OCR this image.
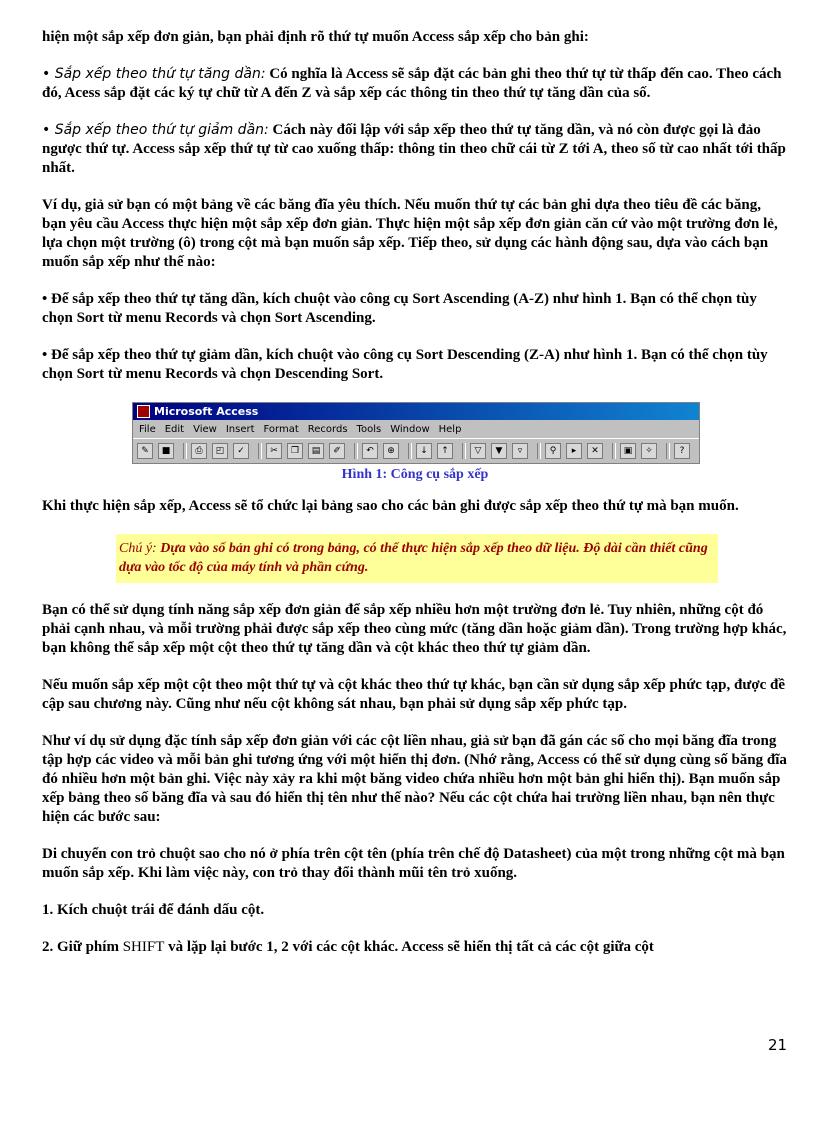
hiện một sắp xếp đơn giản, bạn phải định rõ thứ tự muốn Access sắp xếp cho bản ghi:

• Sắp xếp theo thứ tự tăng dần: Có nghĩa là Access sẽ sắp đặt các bản ghi theo thứ tự từ thấp đến cao. Theo cách đó, Acess sắp đặt các ký tự chữ từ A đến Z và sắp xếp các thông tin theo thứ tự tăng dần của số.

• Sắp xếp theo thứ tự giảm dần: Cách này đối lập với sắp xếp theo thứ tự tăng dần, và nó còn được gọi là đảo ngược thứ tự. Access sắp xếp thứ tự từ cao xuống thấp: thông tin theo chữ cái từ Z tới A, theo số từ cao nhất tới thấp nhất.

Ví dụ, giả sử bạn có một bảng về các băng đĩa yêu thích. Nếu muốn thứ tự các bản ghi dựa theo tiêu đề các băng, bạn yêu cầu Access thực hiện một sắp xếp đơn giản. Thực hiện một sắp xếp đơn giản căn cứ vào một trường đơn lẻ, lựa chọn một trường (ô) trong cột mà bạn muốn sắp xếp. Tiếp theo, sử dụng các hành động sau, dựa vào cách bạn muốn sắp xếp như thế nào:

• Để sắp xếp theo thứ tự tăng dần, kích chuột vào công cụ Sort Ascending (A-Z) như hình 1. Bạn có thể chọn tùy chọn Sort từ menu Records và chọn Sort Ascending.

• Để sắp xếp theo thứ tự giảm dần, kích chuột vào công cụ Sort Descending (Z-A) như hình 1. Bạn có thể chọn tùy chọn Sort từ menu Records và chọn Descending Sort.

Microsoft Access
File Edit View Insert Format Records Tools Window Help
✎	■	⎙	◰	✓	✂	❐	▤	✐	↶	⊕	↓	↑	▽	▼	▿	⚲	▸	✕	▣	✧	?
Hình 1: Công cụ sắp xếp

Khi thực hiện sắp xếp, Access sẽ tổ chức lại bảng sao cho các bản ghi được sắp xếp theo thứ tự mà bạn muốn.

Chú ý: Dựa vào số bản ghi có trong bảng, có thể thực hiện sắp xếp theo dữ liệu. Độ dài cần thiết cũng dựa vào tốc độ của máy tính và phần cứng.

Bạn có thể sử dụng tính năng sắp xếp đơn giản để sắp xếp nhiều hơn một trường đơn lẻ. Tuy nhiên, những cột đó phải cạnh nhau, và mỗi trường phải được sắp xếp theo cùng mức (tăng dần hoặc giảm dần). Trong trường hợp khác, bạn không thể sắp xếp một cột theo thứ tự tăng dần và cột khác theo thứ tự giảm dần.

Nếu muốn sắp xếp một cột theo một thứ tự và cột khác theo thứ tự khác, bạn cần sử dụng sắp xếp phức tạp, được đề cập sau chương này. Cũng như nếu cột không sát nhau, bạn phải sử dụng sắp xếp phức tạp.

Như ví dụ sử dụng đặc tính sắp xếp đơn giản với các cột liền nhau, giả sử bạn đã gán các số cho mọi băng đĩa trong tập hợp các video và mỗi bản ghi tương ứng với một hiển thị đơn. (Nhớ rằng, Access có thể sử dụng cùng số băng đĩa đó nhiều hơn một bản ghi. Việc này xảy ra khi một băng video chứa nhiều hơn một bản ghi hiển thị). Bạn muốn sắp xếp bảng theo số băng đĩa và sau đó hiển thị tên như thế nào? Nếu các cột chứa hai trường liền nhau, bạn nên thực hiện các bước sau:

Di chuyển con trỏ chuột sao cho nó ở phía trên cột tên (phía trên chế độ Datasheet) của một trong những cột mà bạn muốn sắp xếp. Khi làm việc này, con trỏ thay đổi thành mũi tên trỏ xuống.

1. Kích chuột trái để đánh dấu cột.

2. Giữ phím SHIFT và lặp lại bước 1, 2 với các cột khác. Access sẽ hiển thị tất cả các cột giữa cột

21
